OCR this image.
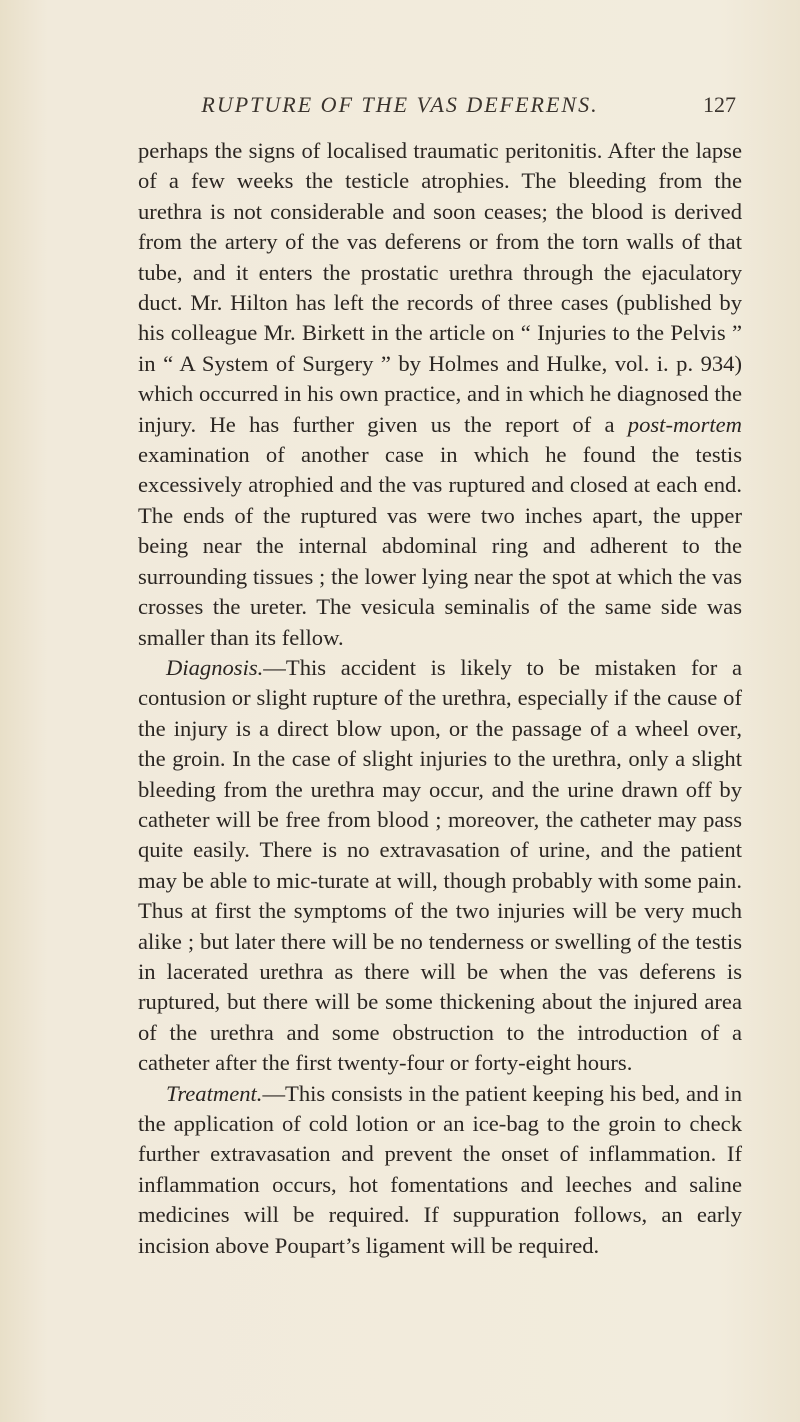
RUPTURE OF THE VAS DEFERENS.	127

perhaps the signs of localised traumatic peritonitis. After the lapse of a few weeks the testicle atrophies. The bleeding from the urethra is not considerable and soon ceases; the blood is derived from the artery of the vas deferens or from the torn walls of that tube, and it enters the prostatic urethra through the ejaculatory duct. Mr. Hilton has left the records of three cases (published by his colleague Mr. Birkett in the article on “ Injuries to the Pelvis ” in “ A System of Surgery ” by Holmes and Hulke, vol. i. p. 934) which occurred in his own practice, and in which he diagnosed the injury. He has further given us the report of a post-mortem examination of another case in which he found the testis excessively atrophied and the vas ruptured and closed at each end. The ends of the ruptured vas were two inches apart, the upper being near the internal abdominal ring and adherent to the surrounding tissues ; the lower lying near the spot at which the vas crosses the ureter. The vesicula seminalis of the same side was smaller than its fellow.

Diagnosis.—This accident is likely to be mistaken for a contusion or slight rupture of the urethra, especially if the cause of the injury is a direct blow upon, or the passage of a wheel over, the groin. In the case of slight injuries to the urethra, only a slight bleeding from the urethra may occur, and the urine drawn off by catheter will be free from blood ; moreover, the catheter may pass quite easily. There is no extravasation of urine, and the patient may be able to mic-turate at will, though probably with some pain. Thus at first the symptoms of the two injuries will be very much alike ; but later there will be no tenderness or swelling of the testis in lacerated urethra as there will be when the vas deferens is ruptured, but there will be some thickening about the injured area of the urethra and some obstruction to the introduction of a catheter after the first twenty-four or forty-eight hours.

Treatment.—This consists in the patient keeping his bed, and in the application of cold lotion or an ice-bag to the groin to check further extravasation and prevent the onset of inflammation. If inflammation occurs, hot fomentations and leeches and saline medicines will be required. If suppuration follows, an early incision above Poupart’s ligament will be required.
